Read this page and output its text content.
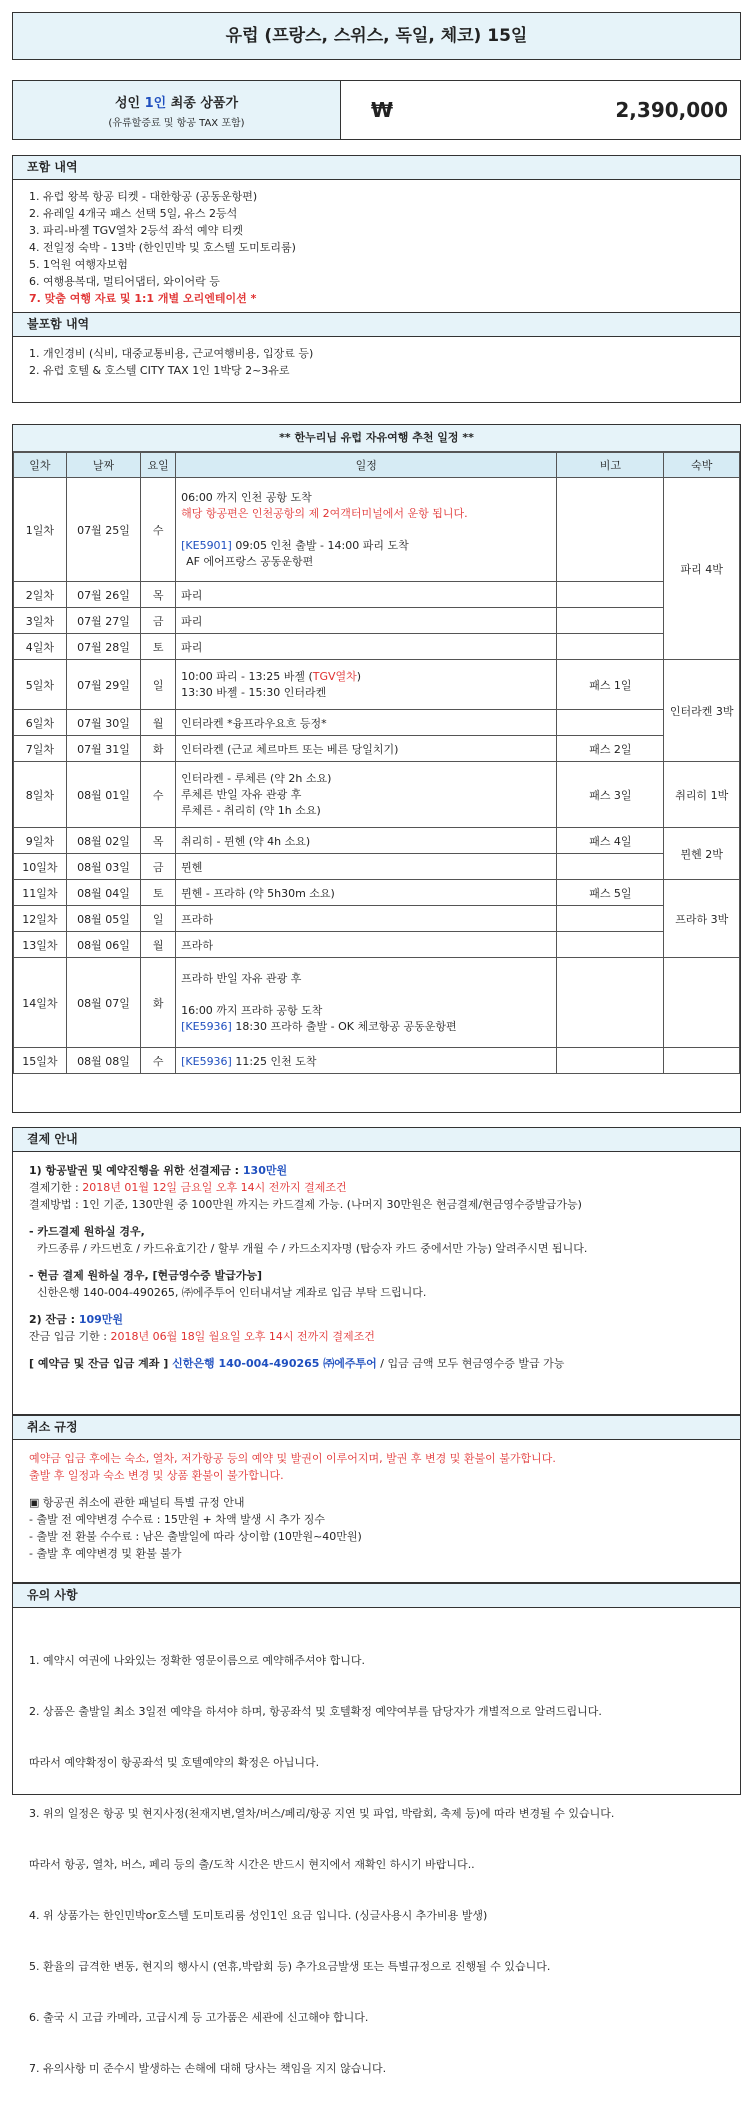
유럽 (프랑스, 스위스, 독일, 체코) 15일
성인 1인 최종 상품가
(유류할증료 및 항공 TAX 포함)
₩	2,390,000
포함 내역
1. 유럽 왕복 항공 티켓 - 대한항공 (공동운항편)
2. 유레일 4개국 패스 선택 5일, 유스 2등석
3. 파리-바젤 TGV열차 2등석 좌석 예약 티켓
4. 전일정 숙박 - 13박 (한인민박 및 호스텔 도미토리룸)
5. 1억원 여행자보험
6. 여행용복대, 멀티어댑터, 와이어락 등
7. 맞춤 여행 자료 및 1:1 개별 오리엔테이션 *
불포함 내역
1. 개인경비 (식비, 대중교통비용, 근교여행비용, 입장료 등)
2. 유럽 호텔 & 호스텔 CITY TAX 1인 1박당 2~3유로
** 한누리님 유럽 자유여행 추천 일정 **
일차	날짜	요일	일정	비고	숙박
1일차	07월 25일	수	06:00 까지 인천 공항 도착
해당 항공편은 인천공항의 제 2여객터미널에서 운항 됩니다.
[KE5901] 09:05 인천 출발 - 14:00 파리 도착
AF 에어프랑스 공동운항편		파리 4박
2일차	07월 26일	목	파리		
3일차	07월 27일	금	파리		
4일차	07월 28일	토	파리		
5일차	07월 29일	일	10:00 파리 - 13:25 바젤 (TGV열차)
13:30 바젤 - 15:30 인터라켄	패스 1일	인터라켄 3박
6일차	07월 30일	월	인터라켄 *융프라우요흐 등정*		
7일차	07월 31일	화	인터라켄 (근교 체르마트 또는 베른 당일치기)	패스 2일	
8일차	08월 01일	수	인터라켄 - 루체른 (약 2h 소요)
루체른 반일 자유 관광 후
루체른 - 취리히 (약 1h 소요)	패스 3일	취리히 1박
9일차	08월 02일	목	취리히 - 뮌헨 (약 4h 소요)	패스 4일	뮌헨 2박
10일차	08월 03일	금	뮌헨		
11일차	08월 04일	토	뮌헨 - 프라하 (약 5h30m 소요)	패스 5일	프라하 3박
12일차	08월 05일	일	프라하		
13일차	08월 06일	월	프라하		
14일차	08월 07일	화	프라하 반일 자유 관광 후
16:00 까지 프라하 공항 도착
[KE5936] 18:30 프라하 출발 - OK 체코항공 공동운항편		

15일차	08월 08일	수	[KE5936] 11:25 인천 도착		
결제 안내
1) 항공발권 및 예약진행을 위한 선결제금 : 130만원
결제기한 : 2018년 01월 12일 금요일 오후 14시 전까지 결제조건
결제방법 : 1인 기준, 130만원 중 100만원 까지는 카드결제 가능. (나머지 30만원은 현금결제/현금영수증발급가능)
- 카드결제 원하실 경우,
카드종류 / 카드번호 / 카드유효기간 / 할부 개월 수 / 카드소지자명 (탑승자 카드 중에서만 가능) 알려주시면 됩니다.
- 현금 결제 원하실 경우, [현금영수증 발급가능]
신한은행 140-004-490265, ㈜에주투어 인터내셔날 계좌로 입금 부탁 드립니다.
2) 잔금 : 109만원
잔금 입금 기한 : 2018년 06월 18일 월요일 오후 14시 전까지 결제조건
[ 예약금 및 잔금 입금 계좌 ] 신한은행 140-004-490265 ㈜에주투어 / 입금 금액 모두 현금영수증 발급 가능
취소 규정
예약금 입금 후에는 숙소, 열차, 저가항공 등의 예약 및 발권이 이루어지며, 발권 후 변경 및 환불이 불가합니다.
출발 후 일정과 숙소 변경 및 상품 환불이 불가합니다.
▣ 항공권 취소에 관한 패널티 특별 규정 안내
- 출발 전 예약변경 수수료 : 15만원 + 차액 발생 시 추가 징수
- 출발 전 환불 수수료 : 남은 출발일에 따라 상이함 (10만원~40만원)
- 출발 후 예약변경 및 환불 불가
유의 사항

1. 예약시 여권에 나와있는 정확한 영문이름으로 예약해주셔야 합니다.

2. 상품은 출발일 최소 3일전 예약을 하셔야 하며, 항공좌석 및 호텔확정 예약여부를 담당자가 개별적으로 알려드립니다.

따라서 예약확정이 항공좌석 및 호텔예약의 확정은 아닙니다.

3. 위의 일정은 항공 및 현지사정(천재지변,열차/버스/페리/항공 지연 및 파업, 박람회, 축제 등)에 따라 변경될 수 있습니다.

따라서 항공, 열차, 버스, 페리 등의 출/도착 시간은 반드시 현지에서 재확인 하시기 바랍니다..

4. 위 상품가는 한인민박or호스텔 도미토리룸 성인1인 요금 입니다. (싱글사용시 추가비용 발생)

5. 환율의 급격한 변동, 현지의 행사시 (연휴,박람회 등) 추가요금발생 또는 특별규정으로 진행될 수 있습니다.

6. 출국 시 고급 카메라, 고급시계 등 고가품은 세관에 신고해야 합니다.

7. 유의사항 미 준수시 발생하는 손해에 대해 당사는 책임을 지지 않습니다.
